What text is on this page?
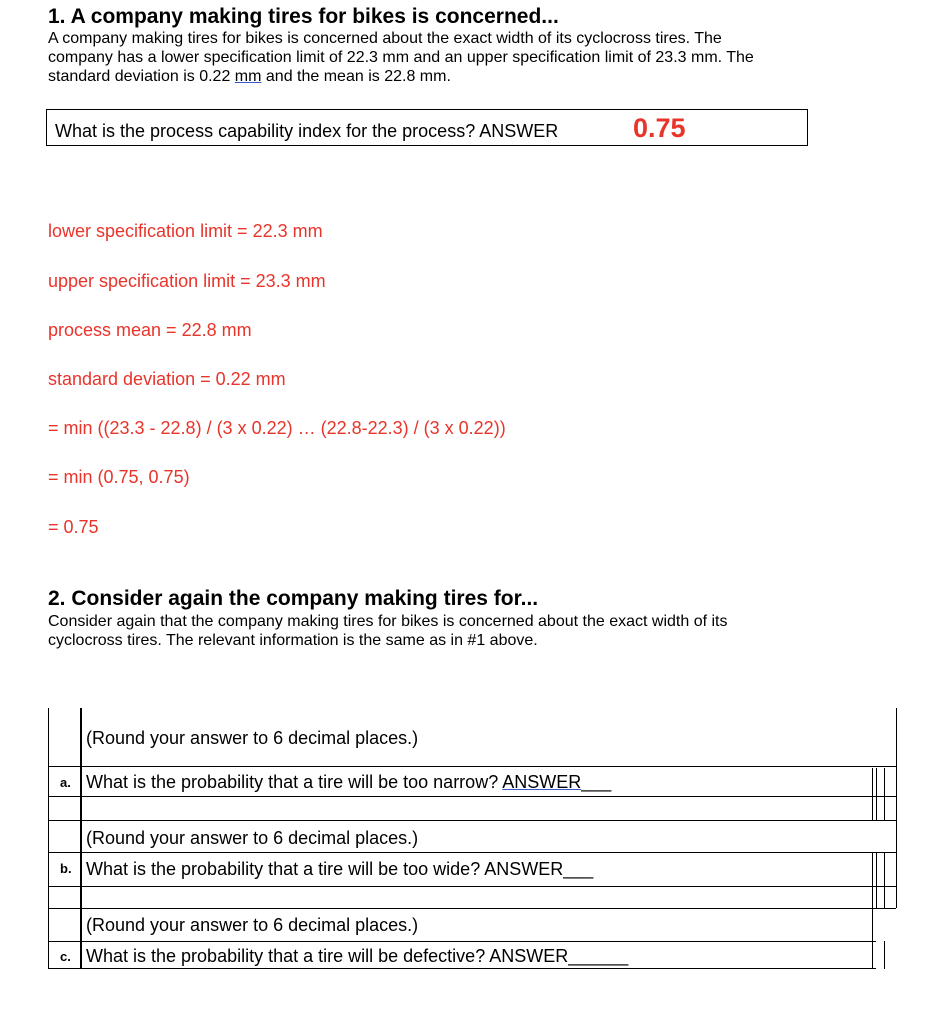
1. A company making tires for bikes is concerned...
A company making tires for bikes is concerned about the exact width of its cyclocross tires. The
company has a lower specification limit of 22.3 mm and an upper specification limit of 23.3 mm. The
standard deviation is 0.22 mm and the mean is 22.8 mm.
What is the process capability index for the process? ANSWER	0.75
lower specification limit = 22.3 mm
upper specification limit = 23.3 mm
process mean = 22.8 mm
standard deviation = 0.22 mm
= min ((23.3 - 22.8) / (3 x 0.22) … (22.8-22.3) / (3 x 0.22))
= min (0.75, 0.75)
= 0.75
2. Consider again the company making tires for...
Consider again that the company making tires for bikes is concerned about the exact width of its
cyclocross tires. The relevant information is the same as in #1 above.
(Round your answer to 6 decimal places.)
a. What is the probability that a tire will be too narrow? ANSWER___
(Round your answer to 6 decimal places.)
b. What is the probability that a tire will be too wide? ANSWER___
(Round your answer to 6 decimal places.)
c. What is the probability that a tire will be defective? ANSWER______
